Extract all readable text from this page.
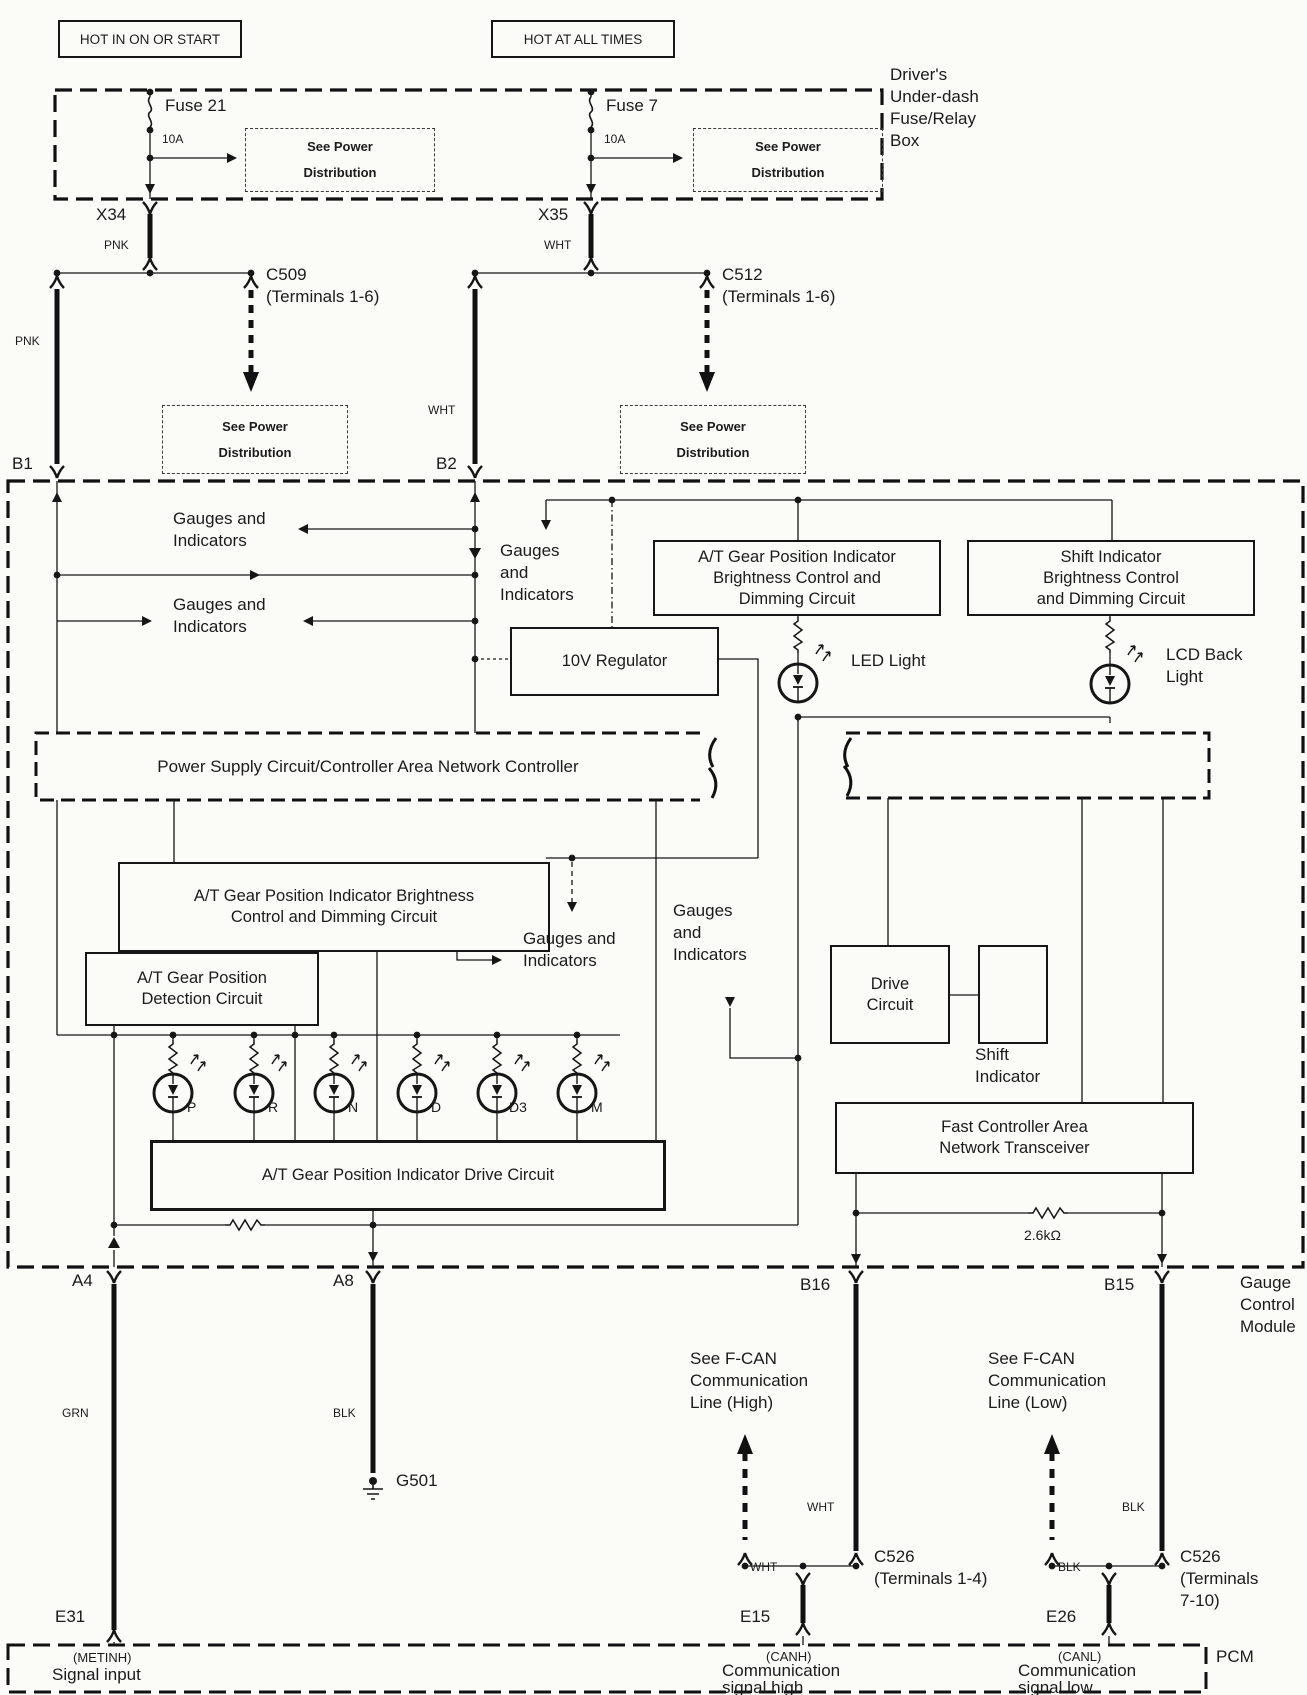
HOT IN ON OR START	HOT AT ALL TIMES
See Power
Distribution
See Power
Distribution
See Power
Distribution
See Power
Distribution
A/T Gear Position Indicator
Brightness Control and
Dimming Circuit
Shift Indicator
Brightness Control
and Dimming Circuit
10V Regulator
A/T Gear Position Indicator Brightness
Control and Dimming Circuit
A/T Gear Position
Detection Circuit
Drive
Circuit
A/T Gear Position Indicator Drive Circuit
Fast Controller Area
Network Transceiver
Driver's
Under-dash
Fuse/Relay
Box
Fuse 21
10A
Fuse 7
10A
X34
PNK
X35
WHT
C509
(Terminals 1-6)
C512
(Terminals 1-6)
PNK
WHT
B1	B2
Gauges and
Indicators
Gauges and
Indicators
Gauges
and
Indicators
Gauges and
Indicators
Gauges
and
Indicators
LED Light	LCD Back
Light
Power Supply Circuit/Controller Area Network Controller
Shift
Indicator
P	R	N	D	D3	M
2.6kΩ
Gauge
Control
Module
A4	A8	B16	B15
GRN	BLK
G501
See F-CAN
Communication
Line (High)
See F-CAN
Communication
Line (Low)
WHT	BLK
C526
(Terminals 1-4)
C526
(Terminals
7-10)
WHT	BLK
E31	E15	E26
PCM
(METINH)
Signal input
(CANH)
Communication
signal high
(CANL)
Communication
signal low
